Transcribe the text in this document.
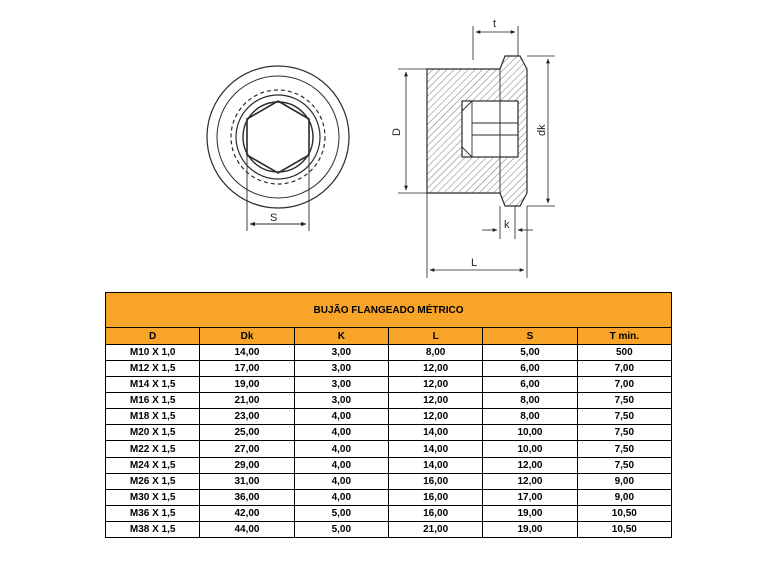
S
D	dk
t
k
L
BUJÃO FLANGEADO MÉTRICO					
D	Dk	K	L	S	T min.
M10 X 1,0	14,00	3,00	8,00	5,00	500
M12 X 1,5	17,00	3,00	12,00	6,00	7,00
M14 X 1,5	19,00	3,00	12,00	6,00	7,00
M16 X 1,5	21,00	3,00	12,00	8,00	7,50
M18 X 1,5	23,00	4,00	12,00	8,00	7,50
M20 X 1,5	25,00	4,00	14,00	10,00	7,50
M22 X 1,5	27,00	4,00	14,00	10,00	7,50
M24 X 1,5	29,00	4,00	14,00	12,00	7,50
M26 X 1,5	31,00	4,00	16,00	12,00	9,00
M30 X 1,5	36,00	4,00	16,00	17,00	9,00
M36 X 1,5	42,00	5,00	16,00	19,00	10,50
M38 X 1,5	44,00	5,00	21,00	19,00	10,50
